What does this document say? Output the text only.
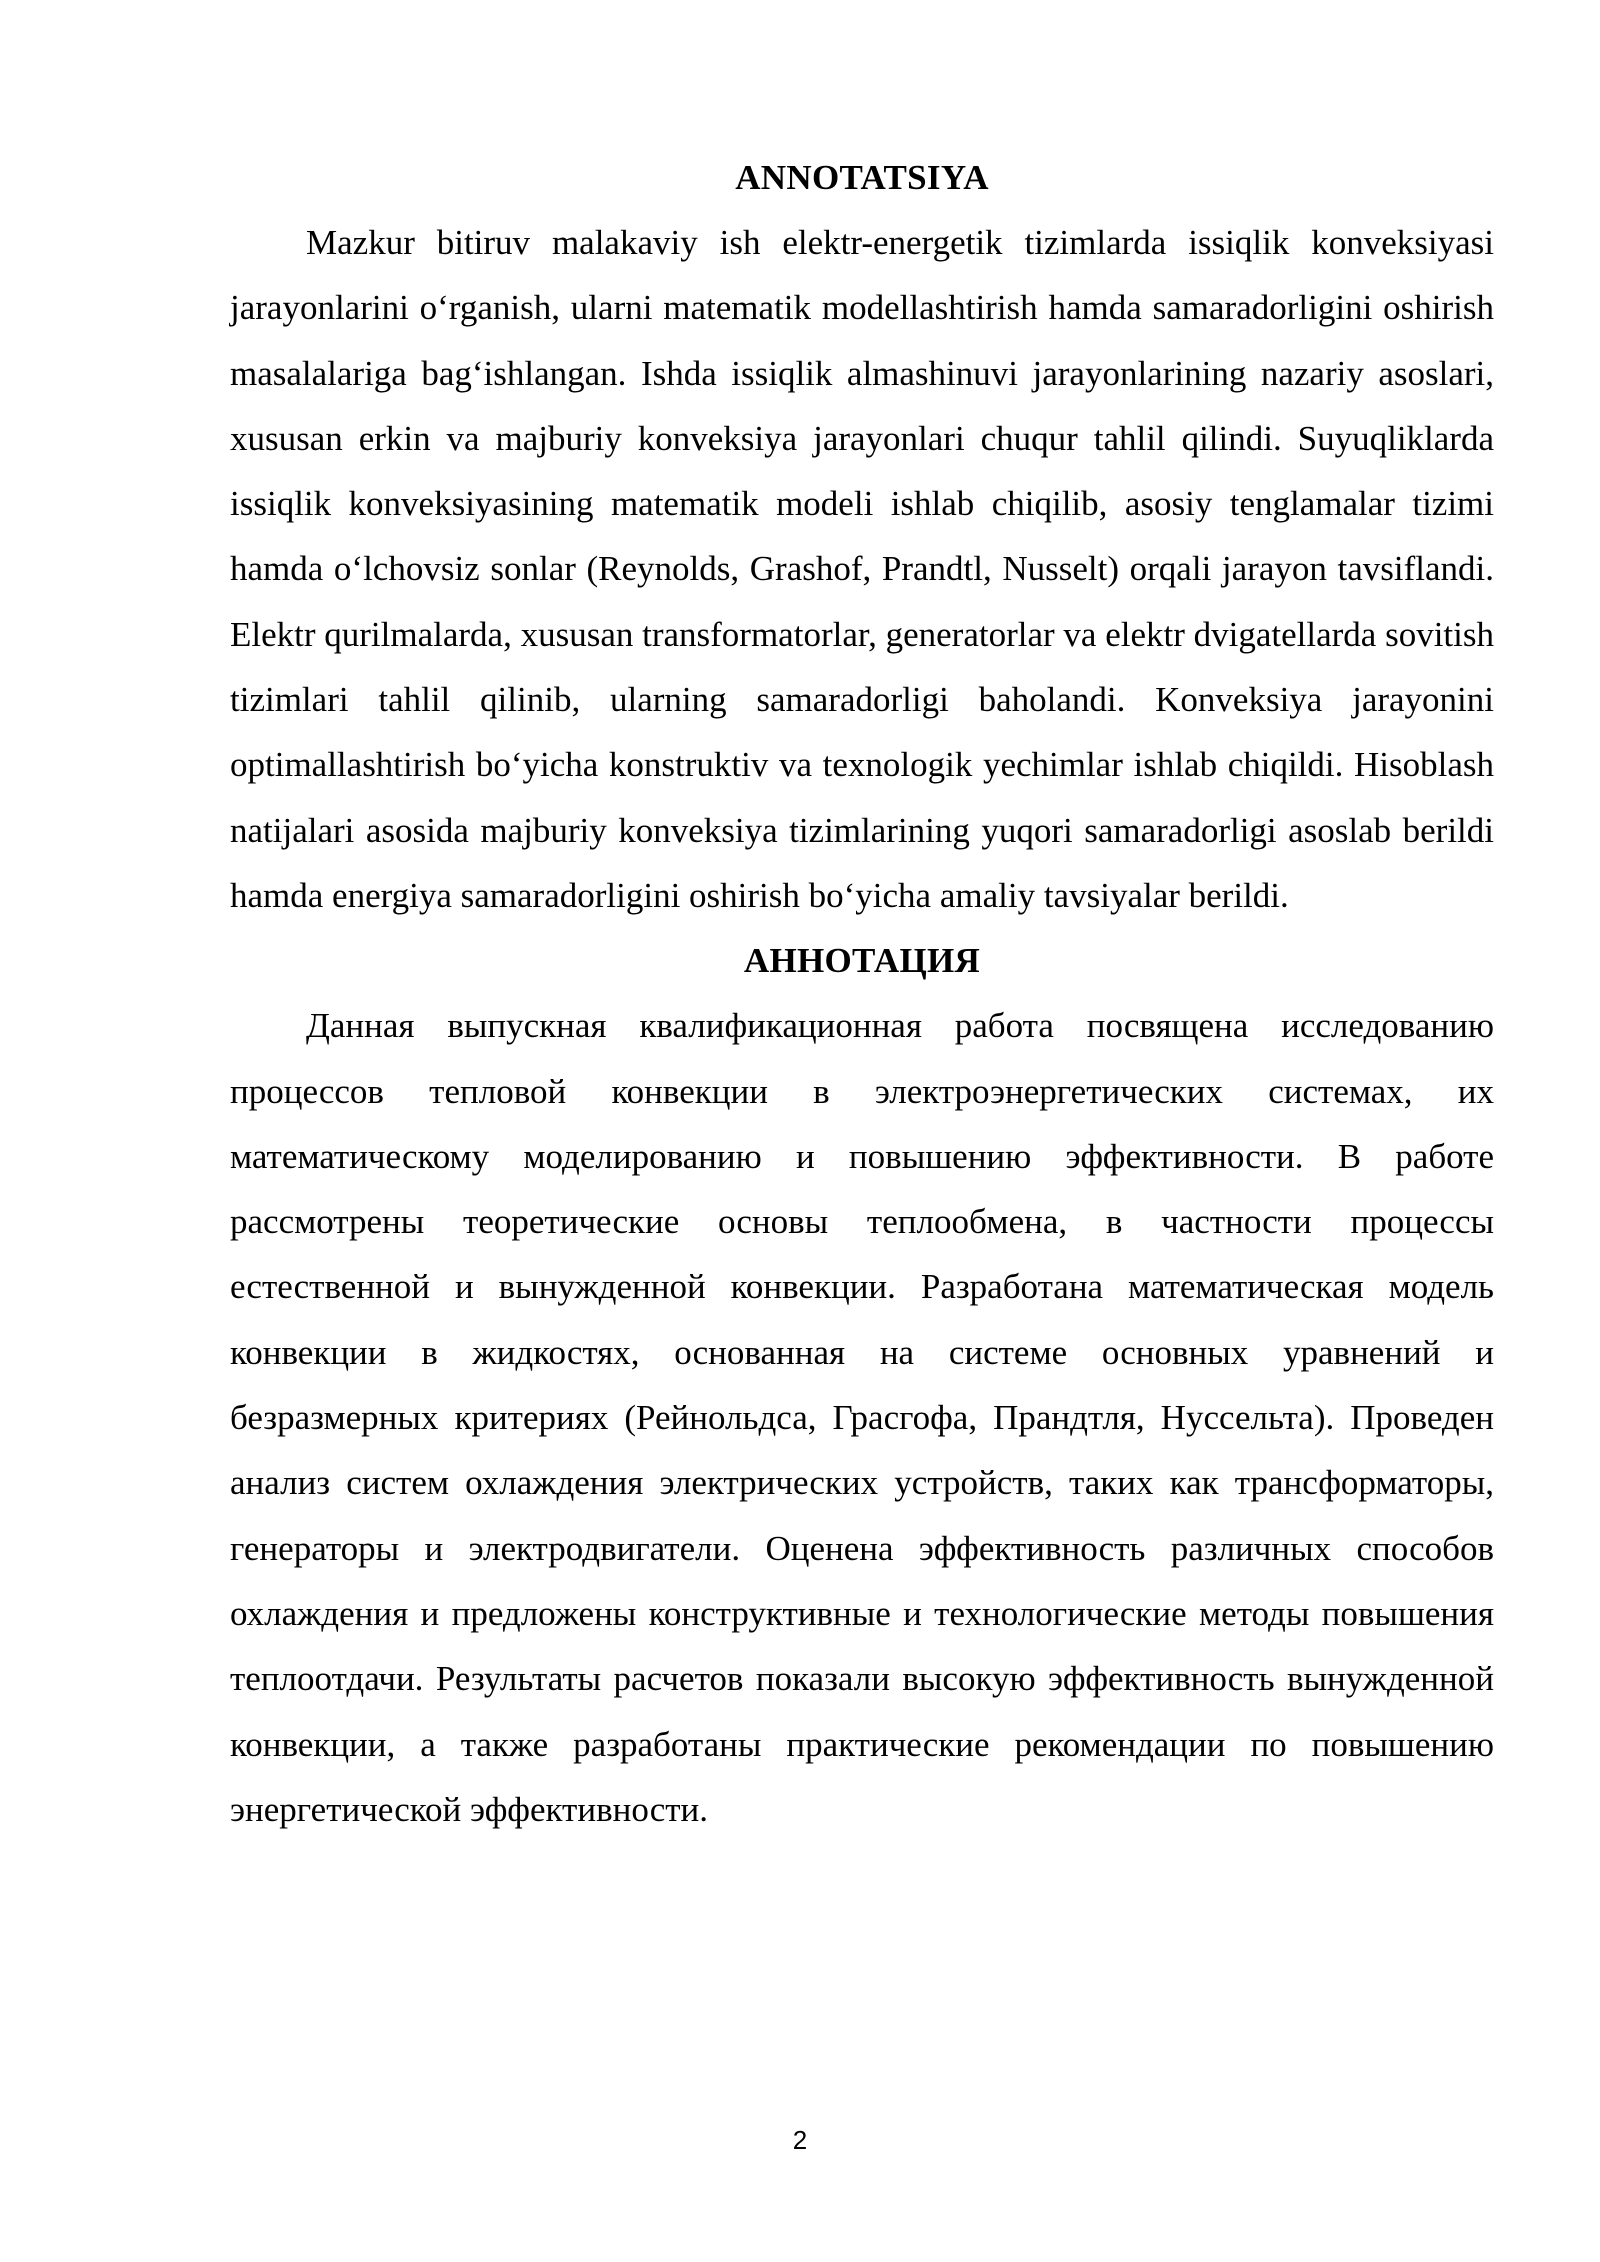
ANNOTATSIYA

Mazkur bitiruv malakaviy ish elektr-energetik tizimlarda issiqlik konveksiyasi jarayonlarini o‘rganish, ularni matematik modellashtirish hamda samaradorligini oshirish masalalariga bag‘ishlangan. Ishda issiqlik almashinuvi jarayonlarining nazariy asoslari, xususan erkin va majburiy konveksiya jarayonlari chuqur tahlil qilindi. Suyuqliklarda issiqlik konveksiyasining matematik modeli ishlab chiqilib, asosiy tenglamalar tizimi hamda o‘lchovsiz sonlar (Reynolds, Grashof, Prandtl, Nusselt) orqali jarayon tavsiflandi. Elektr qurilmalarda, xususan transformatorlar, generatorlar va elektr dvigatellarda sovitish tizimlari tahlil qilinib, ularning samaradorligi baholandi. Konveksiya jarayonini optimallashtirish bo‘yicha konstruktiv va texnologik yechimlar ishlab chiqildi. Hisoblash natijalari asosida majburiy konveksiya tizimlarining yuqori samaradorligi asoslab berildi hamda energiya samaradorligini oshirish bo‘yicha amaliy tavsiyalar berildi.

АННОТАЦИЯ

Данная выпускная квалификационная работа посвящена исследованию процессов тепловой конвекции в электроэнергетических системах, их математическому моделированию и повышению эффективности. В работе рассмотрены теоретические основы теплообмена, в частности процессы естественной и вынужденной конвекции. Разработана математическая модель конвекции в жидкостях, основанная на системе основных уравнений и безразмерных критериях (Рейнольдса, Грасгофа, Прандтля, Нуссельта). Проведен анализ систем охлаждения электрических устройств, таких как трансформаторы, генераторы и электродвигатели. Оценена эффективность различных способов охлаждения и предложены конструктивные и технологические методы повышения теплоотдачи. Результаты расчетов показали высокую эффективность вынужденной конвекции, а также разработаны практические рекомендации по повышению энергетической эффективности.

2
